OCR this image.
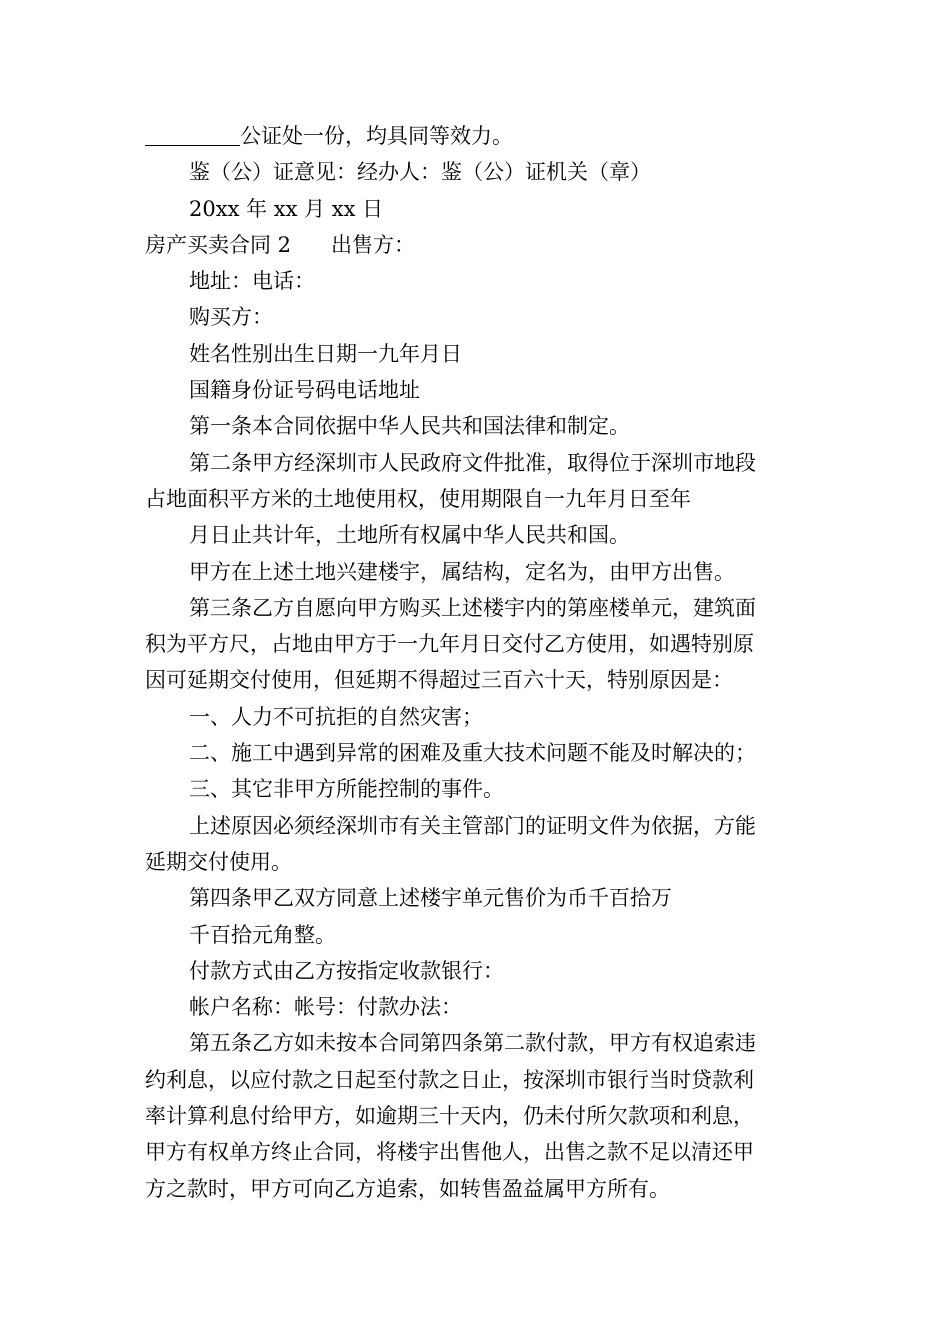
公证处一份，均具同等效力。

鉴（公）证意见：经办人：鉴（公）证机关（章）

20xx 年 xx 月 xx 日

房产买卖合同 2 出售方：

地址：电话：

购买方：

姓名性别出生日期一九年月日

国籍身份证号码电话地址

第一条本合同依据中华人民共和国法律和制定。

第二条甲方经深圳市人民政府文件批准，取得位于深圳市地段

占地面积平方米的土地使用权，使用期限自一九年月日至年

月日止共计年，土地所有权属中华人民共和国。

甲方在上述土地兴建楼宇，属结构，定名为，由甲方出售。

第三条乙方自愿向甲方购买上述楼宇内的第座楼单元，建筑面

积为平方尺，占地由甲方于一九年月日交付乙方使用，如遇特别原

因可延期交付使用，但延期不得超过三百六十天，特别原因是：

一、人力不可抗拒的自然灾害；

二、施工中遇到异常的困难及重大技术问题不能及时解决的；

三、其它非甲方所能控制的事件。

上述原因必须经深圳市有关主管部门的证明文件为依据，方能

延期交付使用。

第四条甲乙双方同意上述楼宇单元售价为币千百拾万

千百拾元角整。

付款方式由乙方按指定收款银行：

帐户名称：帐号：付款办法：

第五条乙方如未按本合同第四条第二款付款，甲方有权追索违

约利息，以应付款之日起至付款之日止，按深圳市银行当时贷款利

率计算利息付给甲方，如逾期三十天内，仍未付所欠款项和利息，

甲方有权单方终止合同，将楼宇出售他人，出售之款不足以清还甲

方之款时，甲方可向乙方追索，如转售盈益属甲方所有。
